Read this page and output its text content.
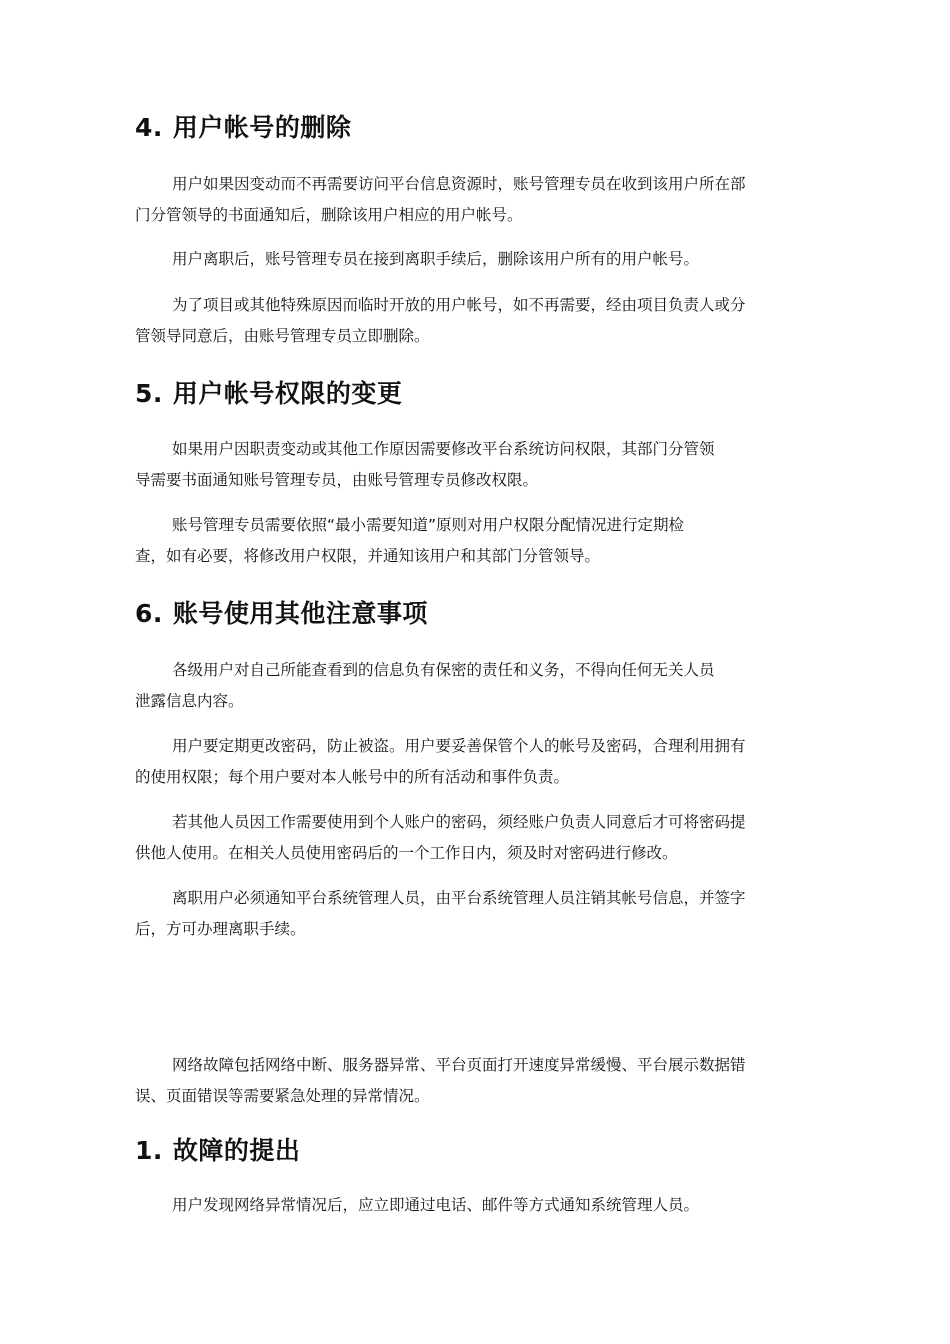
4. 用户帐号的删除

用户如果因变动而不再需要访问平台信息资源时，账号管理专员在收到该用户所在部
门分管领导的书面通知后，删除该用户相应的用户帐号。

用户离职后，账号管理专员在接到离职手续后，删除该用户所有的用户帐号。

为了项目或其他特殊原因而临时开放的用户帐号，如不再需要，经由项目负责人或分
管领导同意后，由账号管理专员立即删除。

5. 用户帐号权限的变更

如果用户因职责变动或其他工作原因需要修改平台系统访问权限，其部门分管领
导需要书面通知账号管理专员，由账号管理专员修改权限。

账号管理专员需要依照“最小需要知道”原则对用户权限分配情况进行定期检
查，如有必要，将修改用户权限，并通知该用户和其部门分管领导。

6. 账号使用其他注意事项

各级用户对自己所能查看到的信息负有保密的责任和义务，不得向任何无关人员
泄露信息内容。

用户要定期更改密码，防止被盗。用户要妥善保管个人的帐号及密码，合理利用拥有
的使用权限；每个用户要对本人帐号中的所有活动和事件负责。

若其他人员因工作需要使用到个人账户的密码，须经账户负责人同意后才可将密码提
供他人使用。在相关人员使用密码后的一个工作日内，须及时对密码进行修改。

离职用户必须通知平台系统管理人员，由平台系统管理人员注销其帐号信息，并签字
后，方可办理离职手续。

网络故障包括网络中断、服务器异常、平台页面打开速度异常缓慢、平台展示数据错
误、页面错误等需要紧急处理的异常情况。

1. 故障的提出

用户发现网络异常情况后，应立即通过电话、邮件等方式通知系统管理人员。
